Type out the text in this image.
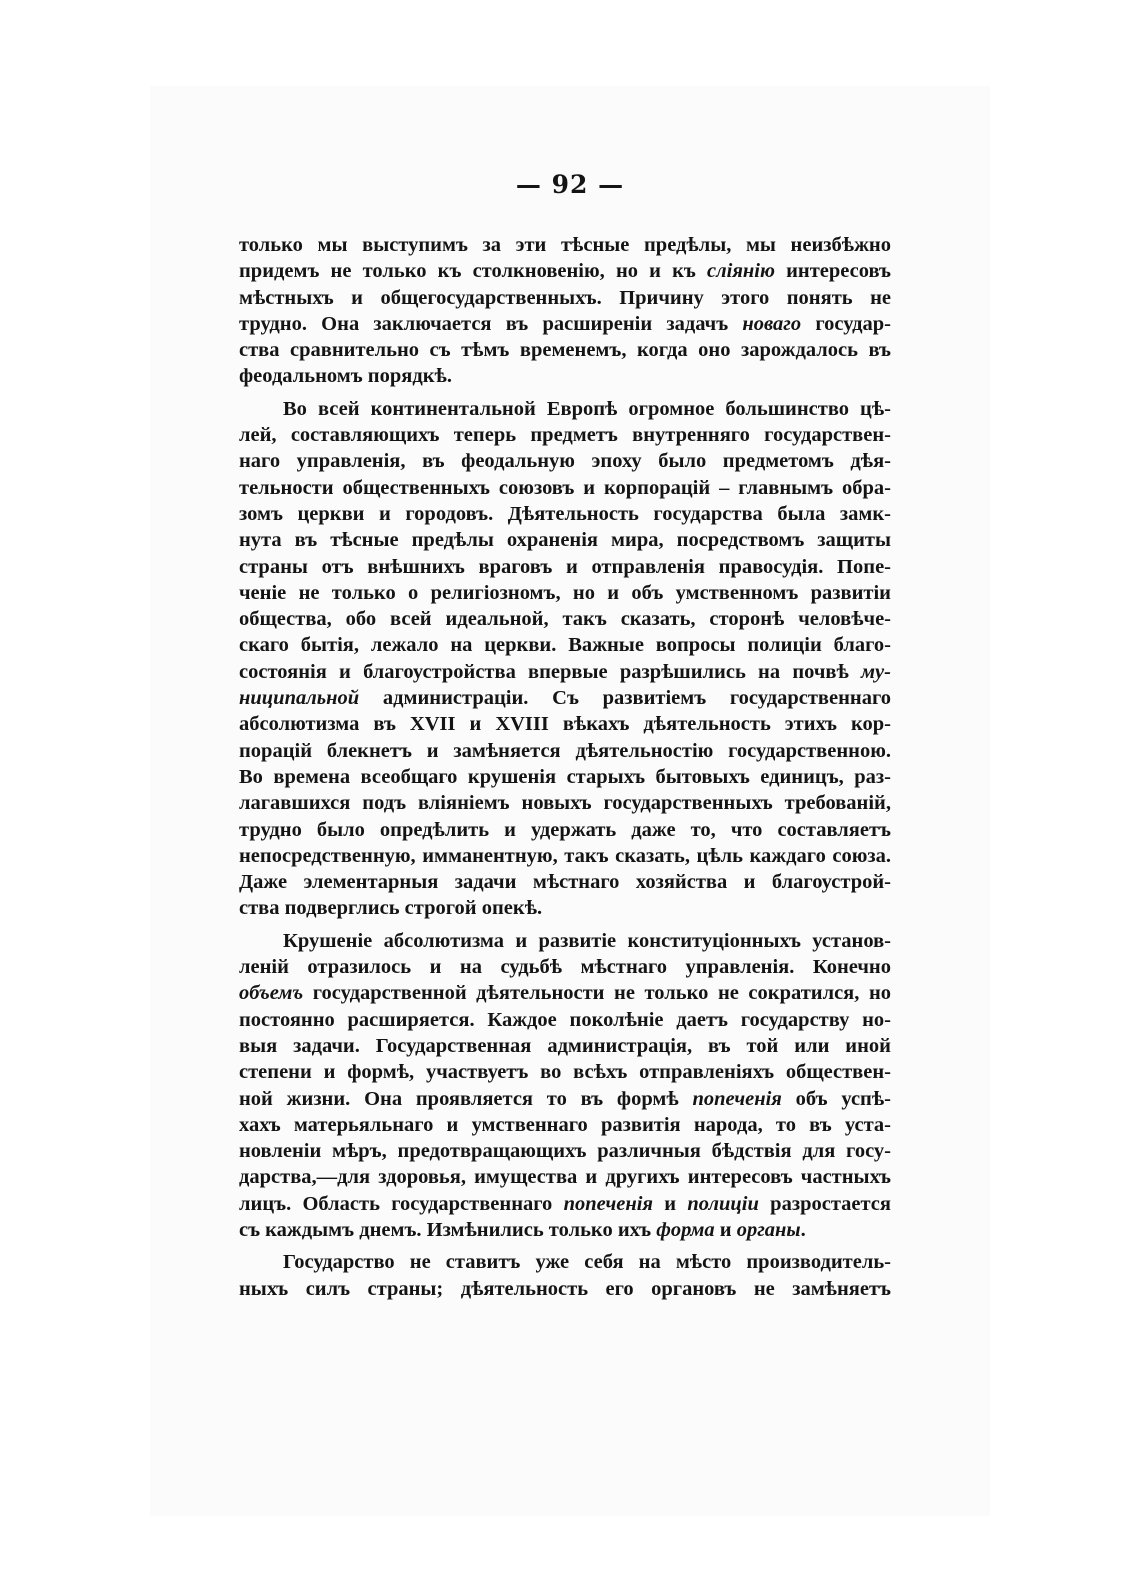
— 92 —
только мы выступимъ за эти тѣсные предѣлы, мы неизбѣжно
придемъ не только къ столкновенію, но и къ слiянiю интересовъ
мѣстныхъ и общегосударственныхъ. Причину этого понять не
трудно. Она заключается въ расширенiи задачъ новаго государ-
ства сравнительно съ тѣмъ временемъ, когда оно зарождалось въ
феодальномъ порядкѣ.
Во всей континентальной Европѣ огромное большинство цѣ-
лей, составляющихъ теперь предметъ внутренняго государствен-
наго управленiя, въ феодальную эпоху было предметомъ дѣя-
тельности общественныхъ союзовъ и корпорацiй – главнымъ обра-
зомъ церкви и городовъ. Дѣятельность государства была замк-
нута въ тѣсные предѣлы охраненiя мира, посредствомъ защиты
страны отъ внѣшнихъ враговъ и отправленiя правосудiя. Попе-
ченiе не только о религiозномъ, но и объ умственномъ развитiи
общества, обо всей идеальной, такъ сказать, сторонѣ человѣче-
скаго бытiя, лежало на церкви. Важные вопросы полицiи благо-
состоянiя и благоустройства впервые разрѣшились на почвѣ му-
ниципальной администрацiи. Съ развитiемъ государственнаго
абсолютизма въ XVII и XVIII вѣкахъ дѣятельность этихъ кор-
порацiй блекнетъ и замѣняется дѣятельностiю государственною.
Во времена всеобщаго крушенiя старыхъ бытовыхъ единицъ, раз-
лагавшихся подъ влiянiемъ новыхъ государственныхъ требованiй,
трудно было опредѣлить и удержать даже то, что составляетъ
непосредственную, имманентную, такъ сказать, цѣль каждаго союза.
Даже элементарныя задачи мѣстнаго хозяйства и благоустрой-
ства подверглись строгой опекѣ.
Крушенiе абсолютизма и развитiе конституцiонныхъ установ-
ленiй отразилось и на судьбѣ мѣстнаго управленiя. Конечно
объемъ государственной дѣятельности не только не сократился, но
постоянно расширяется. Каждое поколѣнiе даетъ государству но-
выя задачи. Государственная администрацiя, въ той или иной
степени и формѣ, участвуетъ во всѣхъ отправленiяхъ обществен-
ной жизни. Она проявляется то въ формѣ попеченiя объ успѣ-
хахъ матерьяльнаго и умственнаго развитiя народа, то въ уста-
новленiи мѣръ, предотвращающихъ различныя бѣдствiя для госу-
дарства,—для здоровья, имущества и другихъ интересовъ частныхъ
лицъ. Область государственнаго попеченiя и полицiи разростается
съ каждымъ днемъ. Измѣнились только ихъ форма и органы.
Государство не ставитъ уже себя на мѣсто производитель-
ныхъ силъ страны; дѣятельность его органовъ не замѣняетъ
